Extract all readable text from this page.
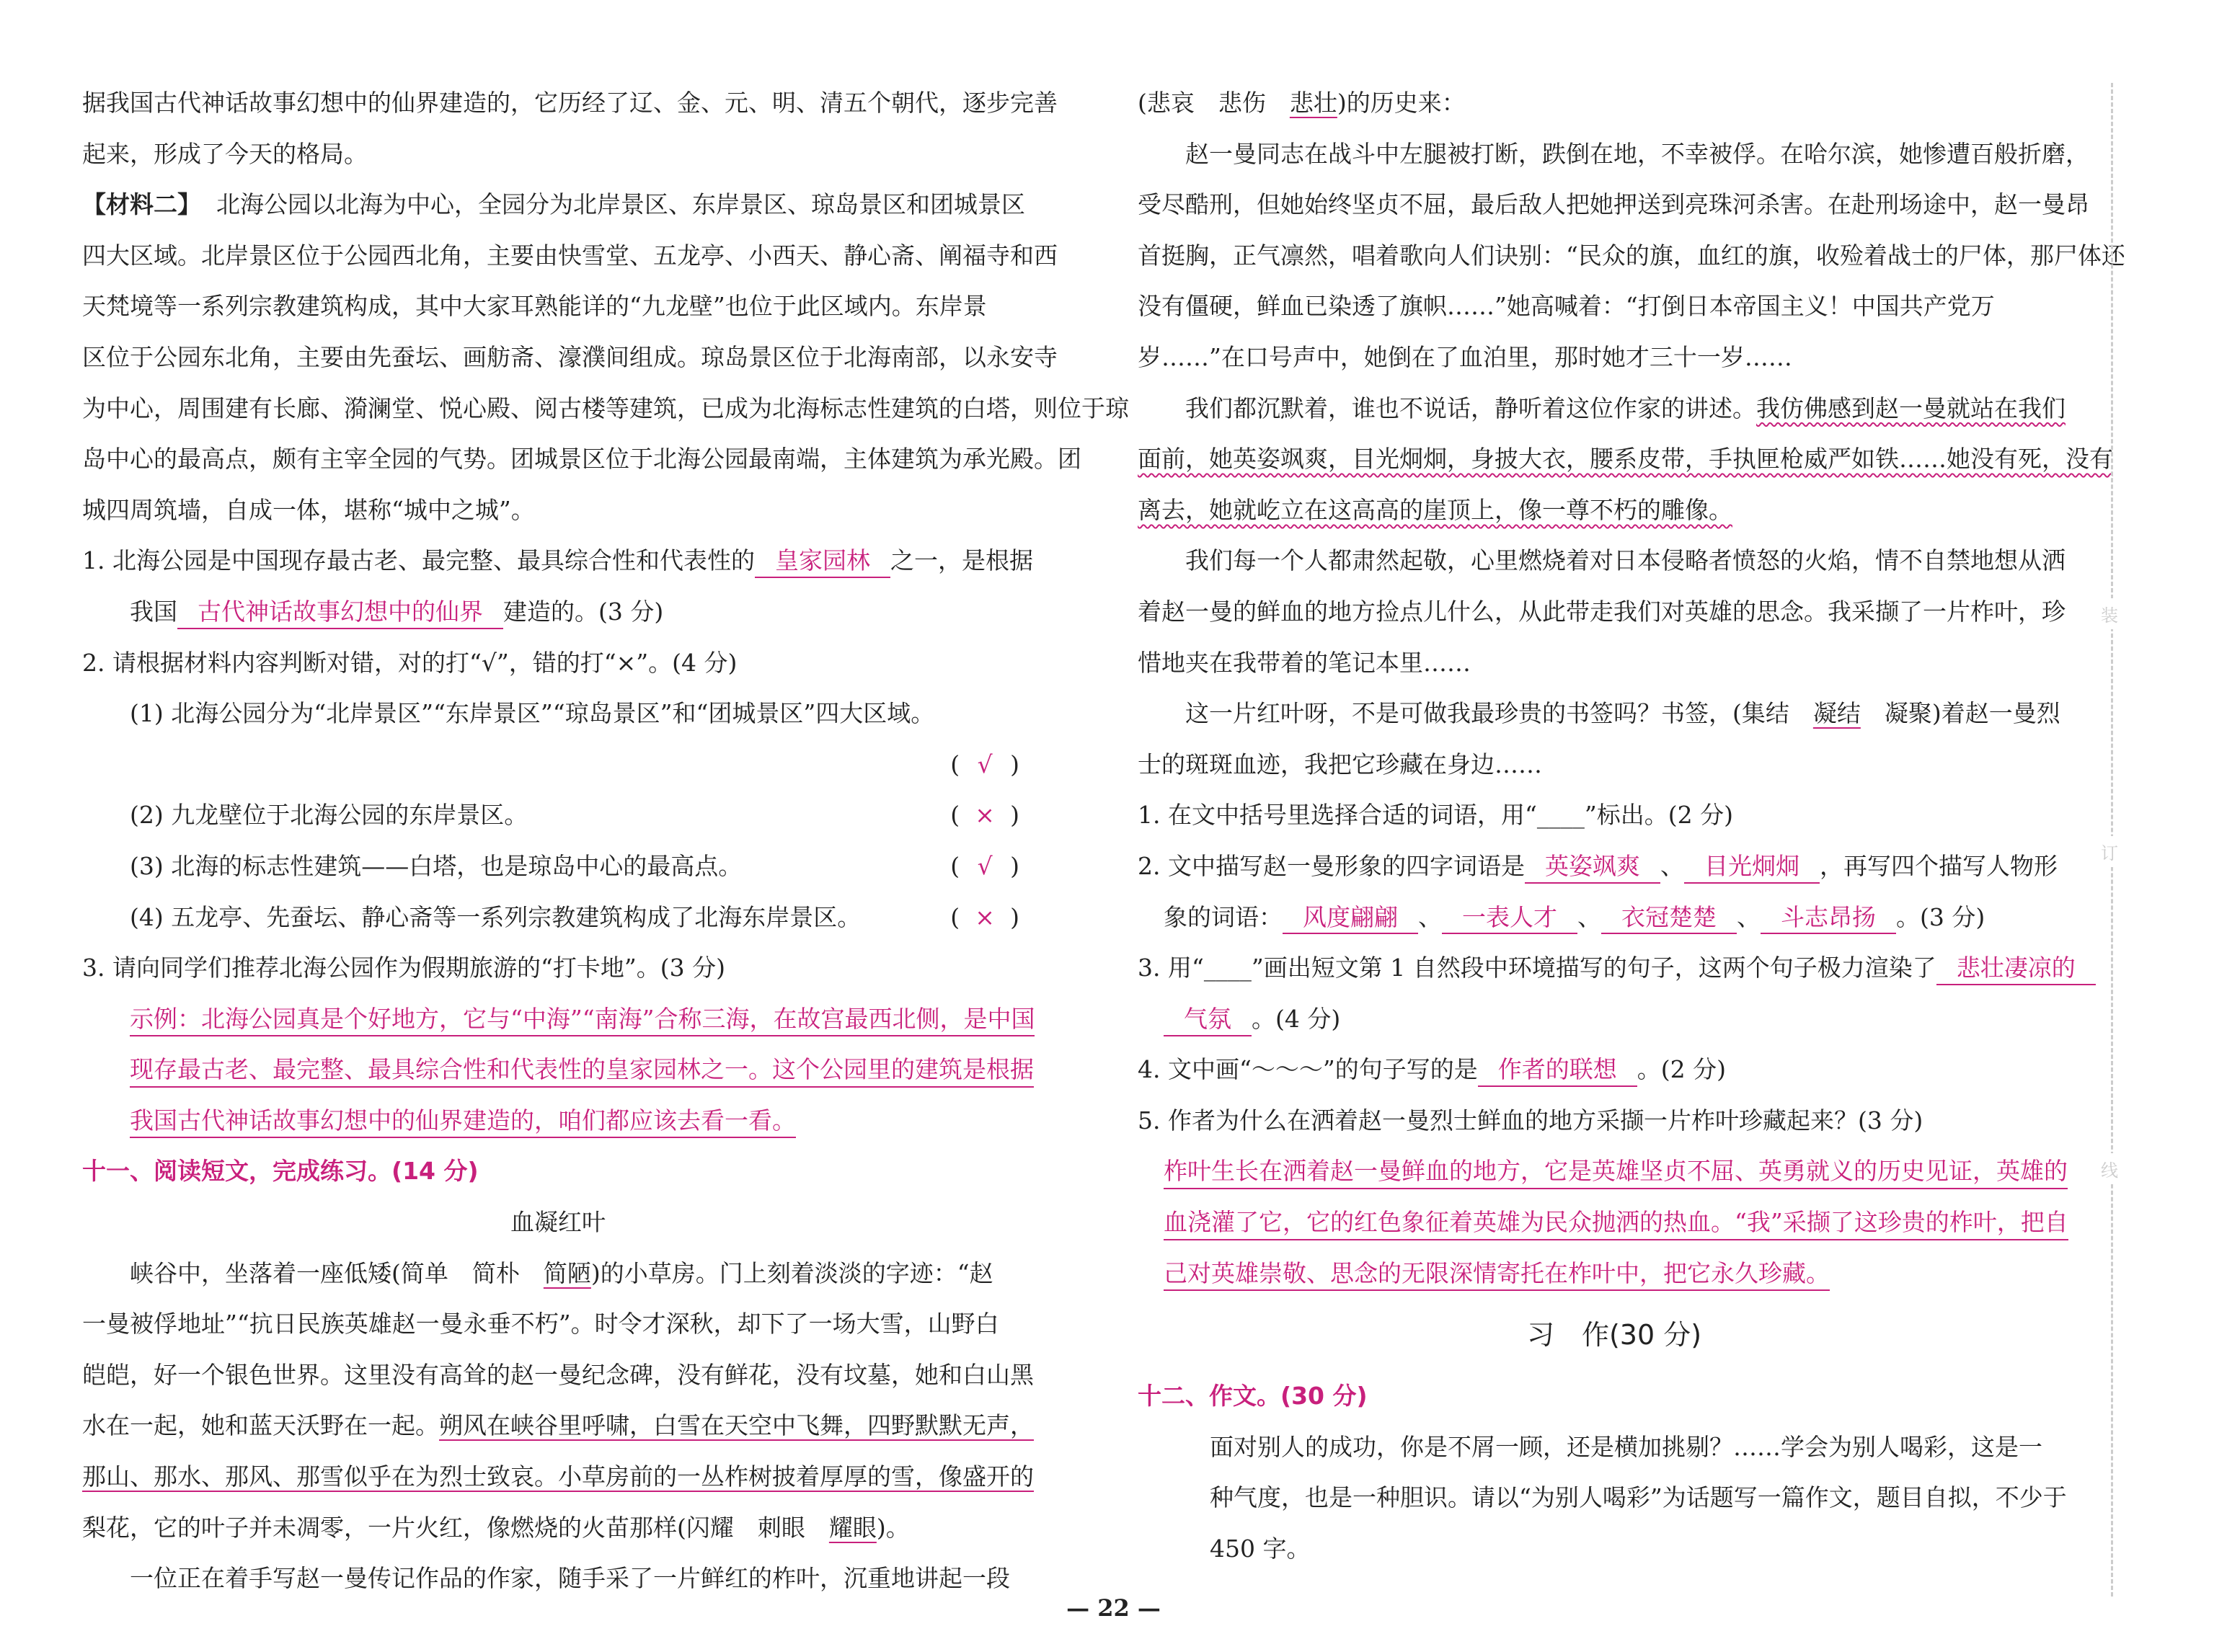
据我国古代神话故事幻想中的仙界建造的，它历经了辽、金、元、明、清五个朝代，逐步完善
起来，形成了今天的格局。
【材料二】 北海公园以北海为中心，全园分为北岸景区、东岸景区、琼岛景区和团城景区
四大区域。北岸景区位于公园西北角，主要由快雪堂、五龙亭、小西天、静心斋、阐福寺和西
天梵境等一系列宗教建筑构成，其中大家耳熟能详的“九龙壁”也位于此区域内。东岸景
区位于公园东北角，主要由先蚕坛、画舫斋、濠濮间组成。琼岛景区位于北海南部，以永安寺
为中心，周围建有长廊、漪澜堂、悦心殿、阅古楼等建筑，已成为北海标志性建筑的白塔，则位于琼
岛中心的最高点，颇有主宰全园的气势。团城景区位于北海公园最南端，主体建筑为承光殿。团
城四周筑墙，自成一体，堪称“城中之城”。
1. 北海公园是中国现存最古老、最完整、最具综合性和代表性的 皇家园林 之一，是根据
我国 古代神话故事幻想中的仙界 建造的。(3 分)
2. 请根据材料内容判断对错，对的打“√”，错的打“×”。(4 分)
(1) 北海公园分为“北岸景区”“东岸景区”“琼岛景区”和“团城景区”四大区域。
( √ )
(2) 九龙壁位于北海公园的东岸景区。	( × )
(3) 北海的标志性建筑——白塔，也是琼岛中心的最高点。	( √ )
(4) 五龙亭、先蚕坛、静心斋等一系列宗教建筑构成了北海东岸景区。	( × )
3. 请向同学们推荐北海公园作为假期旅游的“打卡地”。(3 分)
示例：北海公园真是个好地方，它与“中海”“南海”合称三海，在故宫最西北侧，是中国
现存最古老、最完整、最具综合性和代表性的皇家园林之一。这个公园里的建筑是根据
我国古代神话故事幻想中的仙界建造的，咱们都应该去看一看。
十一、阅读短文，完成练习。(14 分)
血凝红叶
峡谷中，坐落着一座低矮(简单　简朴　简陋)的小草房。门上刻着淡淡的字迹：“赵
一曼被俘地址”“抗日民族英雄赵一曼永垂不朽”。时令才深秋，却下了一场大雪，山野白
皑皑，好一个银色世界。这里没有高耸的赵一曼纪念碑，没有鲜花，没有坟墓，她和白山黑
水在一起，她和蓝天沃野在一起。朔风在峡谷里呼啸，白雪在天空中飞舞，四野默默无声，
那山、那水、那风、那雪似乎在为烈士致哀。小草房前的一丛柞树披着厚厚的雪，像盛开的
梨花，它的叶子并未凋零，一片火红，像燃烧的火苗那样(闪耀　刺眼　耀眼)。
一位正在着手写赵一曼传记作品的作家，随手采了一片鲜红的柞叶，沉重地讲起一段
(悲哀　悲伤　悲壮)的历史来：
赵一曼同志在战斗中左腿被打断，跌倒在地，不幸被俘。在哈尔滨，她惨遭百般折磨，
受尽酷刑，但她始终坚贞不屈，最后敌人把她押送到亮珠河杀害。在赴刑场途中，赵一曼昂
首挺胸，正气凛然，唱着歌向人们诀别：“民众的旗，血红的旗，收殓着战士的尸体，那尸体还
没有僵硬，鲜血已染透了旗帜……”她高喊着：“打倒日本帝国主义！中国共产党万
岁……”在口号声中，她倒在了血泊里，那时她才三十一岁……
我们都沉默着，谁也不说话，静听着这位作家的讲述。我仿佛感到赵一曼就站在我们
面前，她英姿飒爽，目光炯炯，身披大衣，腰系皮带，手执匣枪威严如铁……她没有死，没有
离去，她就屹立在这高高的崖顶上，像一尊不朽的雕像。
我们每一个人都肃然起敬，心里燃烧着对日本侵略者愤怒的火焰，情不自禁地想从洒
着赵一曼的鲜血的地方捡点儿什么，从此带走我们对英雄的思念。我采撷了一片柞叶，珍
惜地夹在我带着的笔记本里……
这一片红叶呀，不是可做我最珍贵的书签吗？书签，(集结　凝结　凝聚)着赵一曼烈
士的斑斑血迹，我把它珍藏在身边……
1. 在文中括号里选择合适的词语，用“____”标出。(2 分)
2. 文中描写赵一曼形象的四字词语是 英姿飒爽 、 目光炯炯 ，再写四个描写人物形
象的词语： 风度翩翩 、 一表人才 、 衣冠楚楚 、 斗志昂扬 。(3 分)
3. 用“____”画出短文第 1 自然段中环境描写的句子，这两个句子极力渲染了 悲壮凄凉的
气氛 。(4 分)
4. 文中画“～～～”的句子写的是 作者的联想 。(2 分)
5. 作者为什么在洒着赵一曼烈士鲜血的地方采撷一片柞叶珍藏起来？(3 分)
柞叶生长在洒着赵一曼鲜血的地方，它是英雄坚贞不屈、英勇就义的历史见证，英雄的
血浇灌了它，它的红色象征着英雄为民众抛洒的热血。“我”采撷了这珍贵的柞叶，把自
己对英雄崇敬、思念的无限深情寄托在柞叶中，把它永久珍藏。
习　作(30 分)
十二、作文。(30 分)
面对别人的成功，你是不屑一顾，还是横加挑剔？……学会为别人喝彩，这是一
种气度，也是一种胆识。请以“为别人喝彩”为话题写一篇作文，题目自拟，不少于
450 字。
装
订
线
— 22 —
